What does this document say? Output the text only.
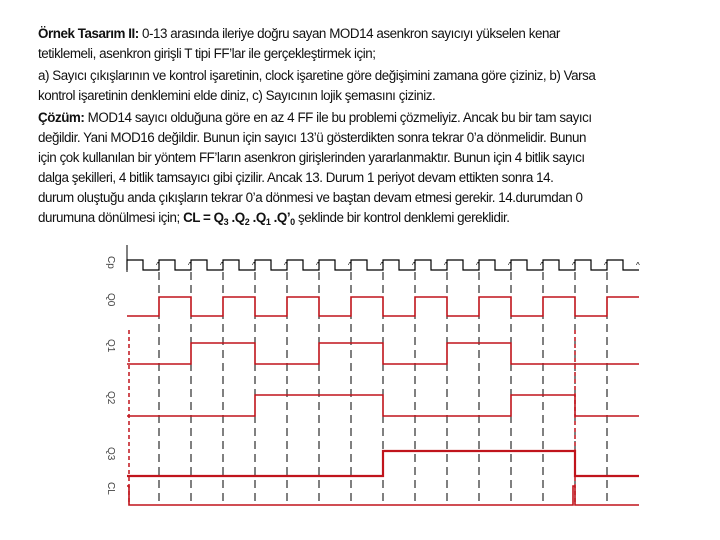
Örnek Tasarım II: 0-13 arasında ileriye doğru sayan MOD14 asenkron sayıcıyı yükselen kenar
tetiklemeli, asenkron girişli T tipi FF’lar ile gerçekleştirmek için;
a) Sayıcı çıkışlarının ve kontrol işaretinin, clock işaretine göre değişimini zamana göre çiziniz, b) Varsa
kontrol işaretinin denklemini elde diniz, c) Sayıcının lojik şemasını çiziniz.
Çözüm: MOD14 sayıcı olduğuna göre en az 4 FF ile bu problemi çözmeliyiz. Ancak bu bir tam sayıcı
değildir. Yani MOD16 değildir. Bunun için sayıcı 13’ü gösterdikten sonra tekrar 0’a dönmelidir. Bunun
için çok kullanılan bir yöntem FF’ların asenkron girişlerinden yararlanmaktır. Bunun için 4 bitlik sayıcı
dalga şekilleri, 4 bitlik tamsayıcı gibi çizilir. Ancak 13. Durum 1 periyot devam ettikten sonra 14.
durum oluştuğu anda çıkışların tekrar 0’a dönmesi ve baştan devam etmesi gerekir. 14.durumdan 0
durumuna dönülmesi için; CL = $Q_3$ $.Q_2$ $.Q_1$ $.Q’_0$ şeklinde bir kontrol denklemi gereklidir.
Cp
Q0
Q1
Q2
Q3
CL
^	^	^	^	^	^	^	^	^	^	^	^	^	^	^	^
